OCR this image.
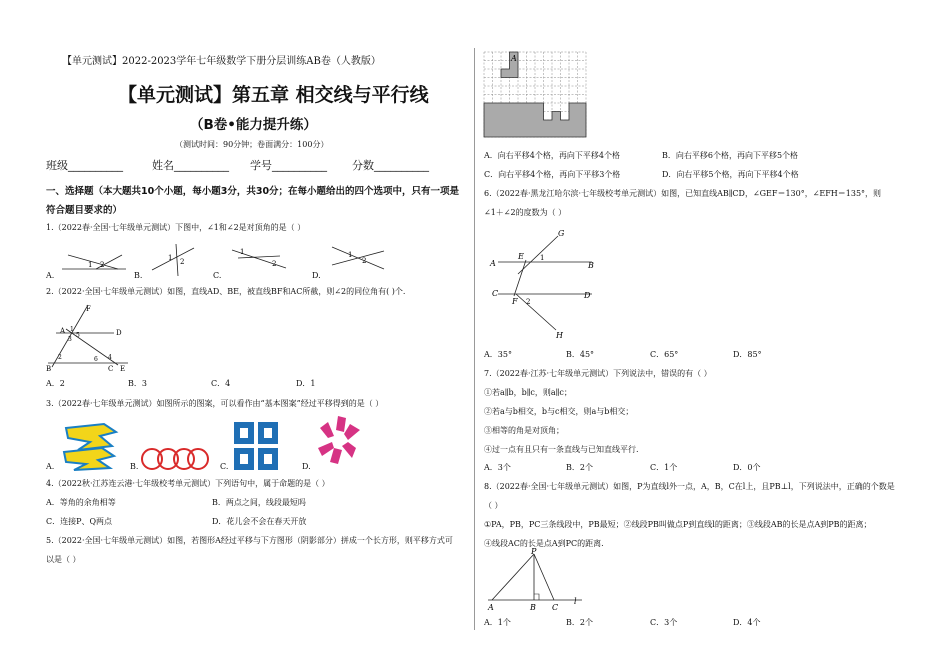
【单元测试】2022-2023学年七年级数学下册分层训练AB卷（人教版）
【单元测试】第五章 相交线与平行线
（B卷•能力提升练）
（测试时间：90分钟；卷面满分：100分）
班级__________	姓名__________ 学号__________ 分数__________
一、选择题（本大题共10个小题，每小题3分，共30分；在每小题给出的四个选项中，只有一项是
符合题目要求的）
1.（2022春·全国·七年级单元测试）下图中，∠1和∠2是对顶角的是（ ）
1 2
1 2
1
2
1
2
A.	B.	C.	D.
2.（2022·全国·七年级单元测试）如图，直线AD、BE，被直线BF和AC所截，则∠2的同位角有( )个.
F
A	D
B	C E
1
2
3
4
5
6
A．2	B．3	C．4	D．1
3.（2022春·七年级单元测试）如图所示的图案，可以看作由“基本图案”经过平移得到的是（ ）
A.	B.	C.	D.
4.（2022秋·江苏连云港·七年级校考单元测试）下列语句中，属于命题的是（ ）
A．等角的余角相等	B．两点之间，线段最短吗
C．连接P、Q两点	D．花儿会不会在春天开放
5.（2022·全国·七年级单元测试）如图，若图形A经过平移与下方图形（阴影部分）拼成一个长方形，则平移方式可
以是（ ）
A
A．向右平移4个格，再向下平移4个格	B．向右平移6个格，再向下平移5个格
C．向右平移4个格，再向下平移3个格	D．向右平移5个格，再向下平移4个格
6.（2022春·黑龙江哈尔滨·七年级校考单元测试）如图，已知直线AB∥CD，∠GEF＝130°，∠EFH＝135°，则
∠1＋∠2的度数为（ ）
G
A
E
B
C
F
D
H
1
2
A．35°	B．45°	C．65°	D．85°
7.（2022春·江苏·七年级单元测试）下列说法中，错误的有（ ）
①若a∥b，b∥c，则a∥c；
②若a与b相交，b与c相交，则a与b相交；
③相等的角是对顶角；
④过一点有且只有一条直线与已知直线平行.
A．3个	B．2个	C．1个	D．0个
8.（2022春·全国·七年级单元测试）如图，P为直线l外一点，A，B，C在l上，且PB⊥l，下列说法中，正确的个数是
（ ）
①PA，PB，PC三条线段中，PB最短；②线段PB叫做点P到直线l的距离；③线段AB的长是点A到PB的距离；
④线段AC的长是点A到PC的距离.
P
A	B C
l
A．1个	B．2个	C．3个	D．4个
